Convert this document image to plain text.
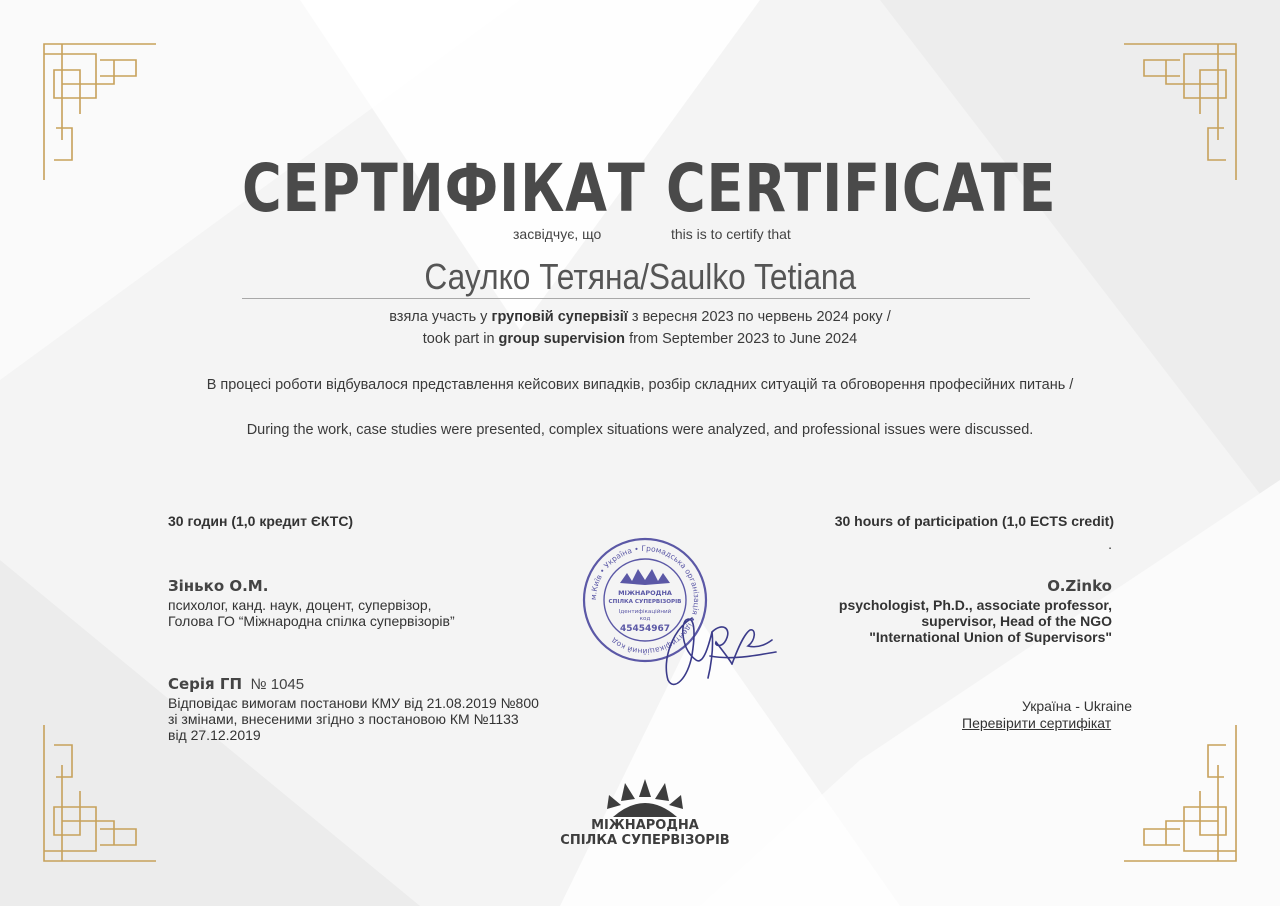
СЕРТИФІКАТ CERTIFICATE
засвідчує, що	this is to certify that
Саулко Тетяна/Saulko Tetiana
взяла участь у груповій супервізії з вересня 2023 по червень 2024 року /
took part in group supervision from September 2023 to June 2024
В процесі роботи відбувалося представлення кейсових випадків, розбір складних ситуацій та обговорення професійних питань /
During the work, case studies were presented, complex situations were analyzed, and professional issues were discussed.
30 годин (1,0 кредит ЄКТС)
Зінько О.М.
психолог, канд. наук, доцент, супервізор,
Голова ГО “Міжнародна спілка супервізорів”
Серія ГП № 1045
Відповідає вимогам постанови КМУ від 21.08.2019 №800
зі змінами, внесеними згідно з постановою КМ №1133
від 27.12.2019
30 hours of participation (1,0 ECTS credit)
.
O.Zinko
psychologist, Ph.D., associate professor,
supervisor, Head of the NGO
"International Union of Supervisors"
Україна - Ukraine
Перевірити сертифікат
м.Київ • Україна • Громадська організація • ідентифікаційний код
МІЖНАРОДНА
СПІЛКА СУПЕРВІЗОРІВ
Ідентифікаційний
код
45454967
МІЖНАРОДНА
СПІЛКА СУПЕРВІЗОРІВ
